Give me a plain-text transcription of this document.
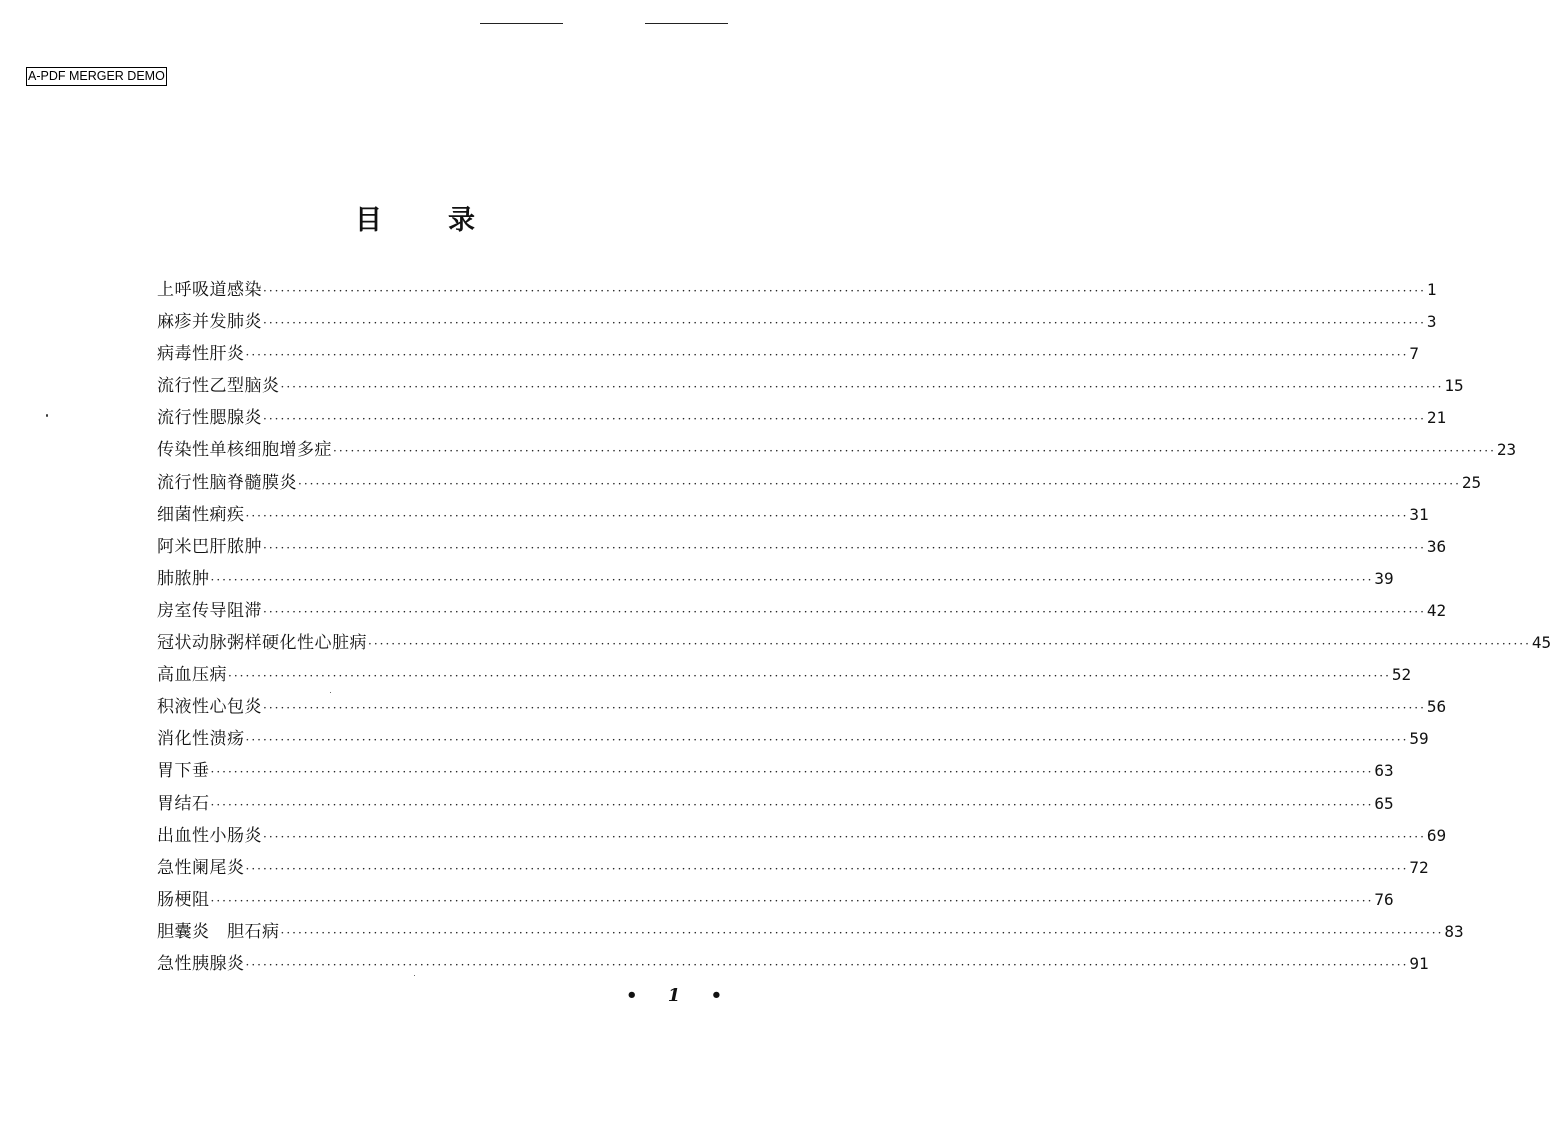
A-PDF MERGER DEMO
目 录
上呼吸道感染 ········································································································································································································ 1
麻疹并发肺炎 ········································································································································································································ 3
病毒性肝炎 ········································································································································································································ 7
流行性乙型脑炎 ········································································································································································································ 15
流行性腮腺炎 ········································································································································································································ 21
传染性单核细胞增多症 ········································································································································································································ 23
流行性脑脊髓膜炎 ········································································································································································································ 25
细菌性痢疾 ········································································································································································································ 31
阿米巴肝脓肿 ········································································································································································································ 36
肺脓肿 ········································································································································································································ 39
房室传导阻滞 ········································································································································································································ 42
冠状动脉粥样硬化性心脏病 ········································································································································································································ 45
高血压病 ········································································································································································································ 52
积液性心包炎 ········································································································································································································ 56
消化性溃疡 ········································································································································································································ 59
胃下垂 ········································································································································································································ 63
胃结石 ········································································································································································································ 65
出血性小肠炎 ········································································································································································································ 69
急性阑尾炎 ········································································································································································································ 72
肠梗阻 ········································································································································································································ 76
胆囊炎　胆石病 ········································································································································································································ 83
急性胰腺炎 ········································································································································································································ 91
• 1 •
